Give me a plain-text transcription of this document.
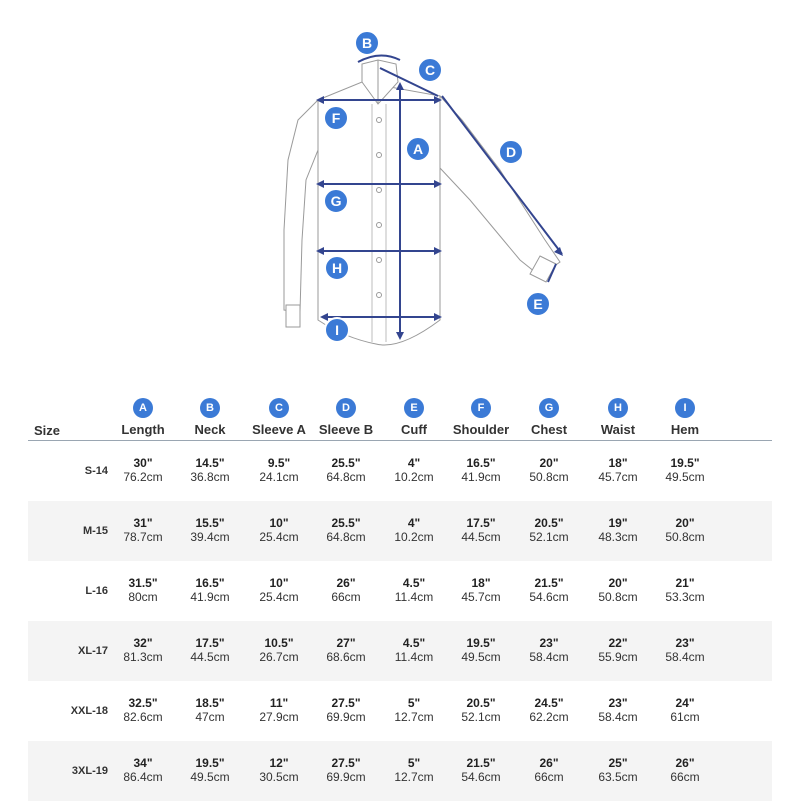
B
C
F
A	D
G
H
E
I
Size
A
Length
B
Neck
C
Sleeve A
D
Sleeve B
E
Cuff
F
Shoulder
G
Chest
H
Waist
I
Hem
S-14
30"
76.2cm
14.5"
36.8cm
9.5"
24.1cm
25.5"
64.8cm
4"
10.2cm
16.5"
41.9cm
20"
50.8cm
18"
45.7cm
19.5"
49.5cm
M-15
31"
78.7cm
15.5"
39.4cm
10"
25.4cm
25.5"
64.8cm
4"
10.2cm
17.5"
44.5cm
20.5"
52.1cm
19"
48.3cm
20"
50.8cm
L-16
31.5"
80cm
16.5"
41.9cm
10"
25.4cm
26"
66cm
4.5"
11.4cm
18"
45.7cm
21.5"
54.6cm
20"
50.8cm
21"
53.3cm
XL-17
32"
81.3cm
17.5"
44.5cm
10.5"
26.7cm
27"
68.6cm
4.5"
11.4cm
19.5"
49.5cm
23"
58.4cm
22"
55.9cm
23"
58.4cm
XXL-18
32.5"
82.6cm
18.5"
47cm
11"
27.9cm
27.5"
69.9cm
5"
12.7cm
20.5"
52.1cm
24.5"
62.2cm
23"
58.4cm
24"
61cm
3XL-19
34"
86.4cm
19.5"
49.5cm
12"
30.5cm
27.5"
69.9cm
5"
12.7cm
21.5"
54.6cm
26"
66cm
25"
63.5cm
26"
66cm
